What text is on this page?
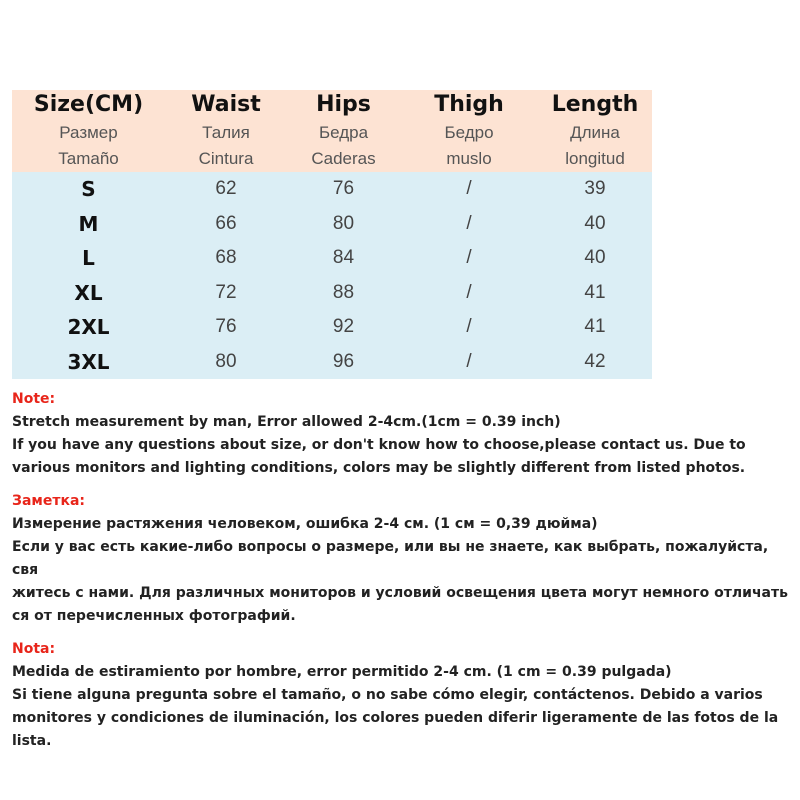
Size(CM)	Waist	Hips	Thigh	Length
Размер	Талия	Бедра	Бедро	Длина
Tamaño	Cintura	Caderas	muslo	longitud
S	62	76	/	39
M	66	80	/	40
L	68	84	/	40
XL	72	88	/	41
2XL	76	92	/	41
3XL	80	96	/	42
Note:
Stretch measurement by man, Error allowed 2-4cm.(1cm = 0.39 inch)
If you have any questions about size, or don't know how to choose,please contact us. Due to
various monitors and lighting conditions, colors may be slightly different from listed photos.
Заметка:
Измерение растяжения человеком, ошибка 2-4 см. (1 см = 0,39 дюйма)
Если у вас есть какие-либо вопросы о размере, или вы не знаете, как выбрать, пожалуйста, свя
житесь с нами. Для различных мониторов и условий освещения цвета могут немного отличать
ся от перечисленных фотографий.
Nota:
Medida de estiramiento por hombre, error permitido 2-4 cm. (1 cm = 0.39 pulgada)
Si tiene alguna pregunta sobre el tamaño, o no sabe cómo elegir, contáctenos. Debido a varios
monitores y condiciones de iluminación, los colores pueden diferir ligeramente de las fotos de la
lista.
